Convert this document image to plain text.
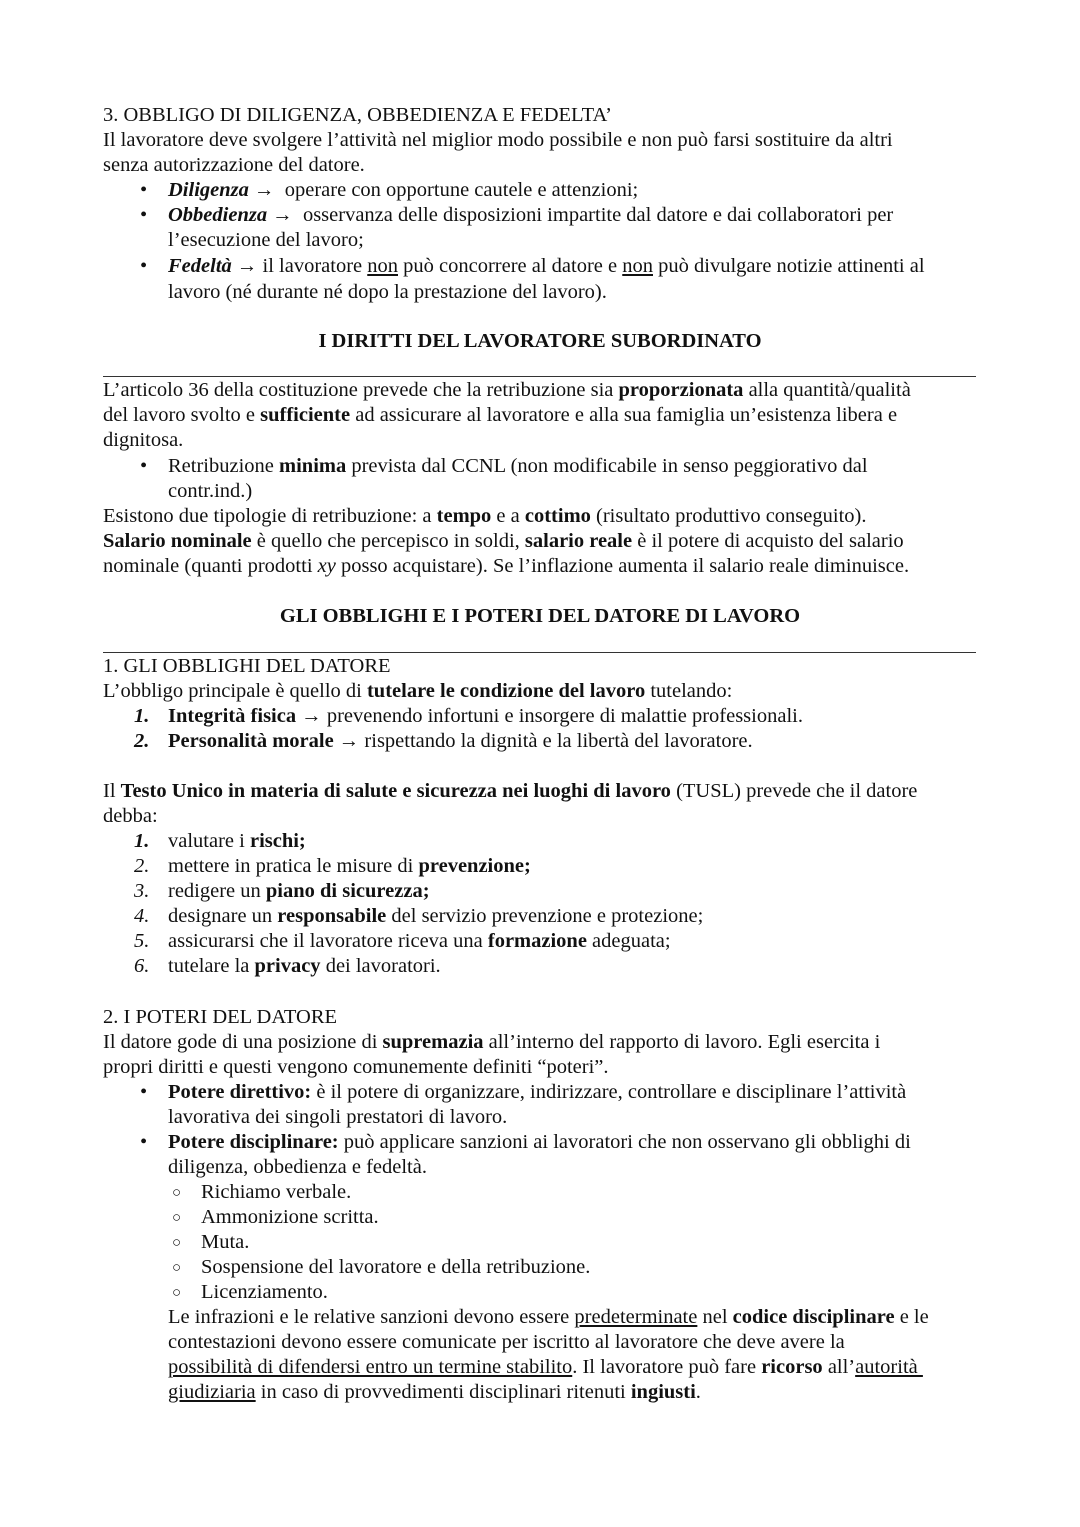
3. OBBLIGO DI DILIGENZA, OBBEDIENZA E FEDELTA’
Il lavoratore deve svolgere l’attività nel miglior modo possibile e non può farsi sostituire da altri
senza autorizzazione del datore.
• Diligenza →  operare con opportune cautele e attenzioni;
• Obbedienza →  osservanza delle disposizioni impartite dal datore e dai collaboratori per
l’esecuzione del lavoro;
• Fedeltà → il lavoratore non può concorrere al datore e non può divulgare notizie attinenti al
lavoro (né durante né dopo la prestazione del lavoro).
I DIRITTI DEL LAVORATORE SUBORDINATO
L’articolo 36 della costituzione prevede che la retribuzione sia proporzionata alla quantità/qualità
del lavoro svolto e sufficiente ad assicurare al lavoratore e alla sua famiglia un’esistenza libera e
dignitosa.
• Retribuzione minima prevista dal CCNL (non modificabile in senso peggiorativo dal
contr.ind.)
Esistono due tipologie di retribuzione: a tempo e a cottimo (risultato produttivo conseguito).
Salario nominale è quello che percepisco in soldi, salario reale è il potere di acquisto del salario
nominale (quanti prodotti xy posso acquistare). Se l’inflazione aumenta il salario reale diminuisce.
GLI OBBLIGHI E I POTERI DEL DATORE DI LAVORO
1. GLI OBBLIGHI DEL DATORE
L’obbligo principale è quello di tutelare le condizione del lavoro tutelando:
1. Integrità fisica → prevenendo infortuni e insorgere di malattie professionali.
2. Personalità morale → rispettando la dignità e la libertà del lavoratore.
Il Testo Unico in materia di salute e sicurezza nei luoghi di lavoro (TUSL) prevede che il datore
debba:
1. valutare i rischi;
2. mettere in pratica le misure di prevenzione;
3. redigere un piano di sicurezza;
4. designare un responsabile del servizio prevenzione e protezione;
5. assicurarsi che il lavoratore riceva una formazione adeguata;
6. tutelare la privacy dei lavoratori.
2. I POTERI DEL DATORE
Il datore gode di una posizione di supremazia all’interno del rapporto di lavoro. Egli esercita i
propri diritti e questi vengono comunemente definiti “poteri”.
• Potere direttivo: è il potere di organizzare, indirizzare, controllare e disciplinare l’attività
lavorativa dei singoli prestatori di lavoro.
• Potere disciplinare: può applicare sanzioni ai lavoratori che non osservano gli obblighi di
diligenza, obbedienza e fedeltà.
○ Richiamo verbale.
○ Ammonizione scritta.
○ Muta.
○ Sospensione del lavoratore e della retribuzione.
○ Licenziamento.
Le infrazioni e le relative sanzioni devono essere predeterminate nel codice disciplinare e le
contestazioni devono essere comunicate per iscritto al lavoratore che deve avere la
possibilità di difendersi entro un termine stabilito. Il lavoratore può fare ricorso all’autorità
giudiziaria in caso di provvedimenti disciplinari ritenuti ingiusti.
